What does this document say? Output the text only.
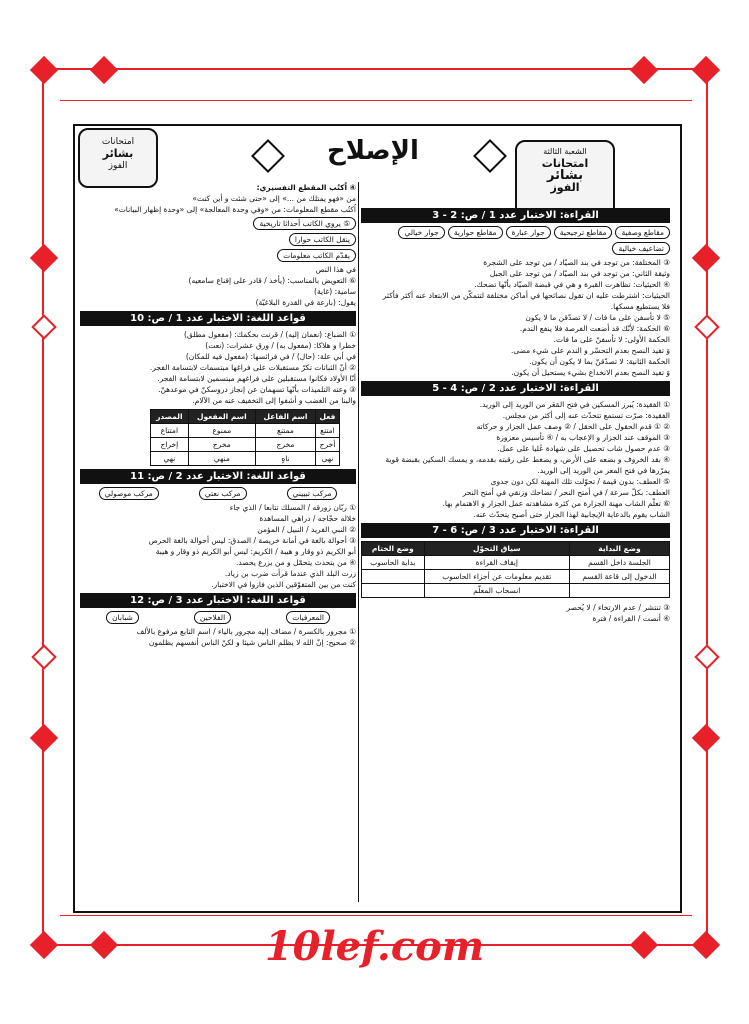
امتحانات
بشائر
الفوز	الإصلاح	الشعبة الثالثة
امتحانات
بشائر
الفوز
القراءة: الاختبار عدد 1 / ص: 2 - 3
مقاطع وصفية
مقاطع ترجيحية
جوار عبارة
مقاطع حوارية
جوار خيالي
تضاعيف خيالية
③ المختلفة: من توجد في بند الصيّاد / من توجد على الشجرة
وثيقة الثاني: من توجد في بند الصيّاد / من توجد على الجبل
④ الحيثيات: تظاهرت القبرة و هي في قبضة الصيّاد بأنّها تضحك.
الحيثيات: اشترطت عليه ان تقول نصائحها في أماكن مختلفة لتتمكّن من الابتعاد عنه أكثر فأكثر
فلا يستطيع مسكها.
⑤ لا تأسفن على ما فات / لا تصدّقن ما لا يكون
⑥ الحكمة: لأنّك قد أضعت الفرصة فلا ينفع الندم.
الحكمة الأولى: لا تأسفنّ على ما فات.
وَ تفيد النصح بعدم التحسّر و الندم على شيء مضى.
الحكمة الثانية: لا تصدّقنّ بما لا يكون أن يكون.
وَ تفيد النصح بعدم الانخداع بشيء يستحيل أن يكون.
القراءة: الاختبار عدد 2 / ص: 4 - 5
① الفقيدة: يُبرز المسكين في فتح المَعَر من الوريد إلى الوريد.
الفقيدة: صرّت تستمع تتحدّث عنه إلى أكثر من مجلس.
② ① قدم الحقول على الحقل / ② وصف عمل الجزار و حركاته
③ الموقف عند الجزار و الإعجاب به / ④ تأسيس معزوزة
③ عدم حصول شاب تحصيل على شهادة عُليا على عمل.
④ بقد الخروف و بضعه على الأرض، و يضغط على رقبته بقدمه، و يمسك السكين بقبضة قوية
يمرّرها في فتح المعر من الوريد إلى الوريد.
⑤ العطف: بدون قيمة / تحوّلت تلك المهنة لكن دون جدوى
العطف: بكلّ سرعة / في أمتح النحر / تضاحك وزنقي في أمتح النحر
⑥ تعلّم الشاب مهنة الجزارة من كثرة مشاهدته عمل الجزار و الاهتمام بها.
الشاب يقوم بالدعاية الإيجابية لهذا الجزار حتى أصبح يتحدّث عنه.
القراءة: الاختبار عدد 3 / ص: 6 - 7
وضع البداية	سياق التحوّل	وضع الختام
الجلسة داخل القسم	إيقاف القراءة	بداية الحاسوب
الدخول إلى قاعة القسم	تقديم معلومات عن أجزاء الحاسوب	
	انسحاب المعلّم	
③ تنتشر / عدم الارتخاء / لا يُحصر
④ أنصت / القراءة / فترة
④ اُكتُب المقطع التفسيري:
من «فهو يمتلك من ...» إلى «حتى شئت و أين كنت»
اُكتُب مقطع المعلومات: من «وفي وحدة المعالجة» إلى «وحدة إظهار البيانات»
⑤ يروي الكاتب أحداثا تاريخية
ينقل الكاتب حوارا
يقدّم الكاتب معلومات
في هذا النص
⑥ التعويض بالمناسب: (يأخذ / قادر على إقناع سامعيه)
سامية: (غاية)
يقول: (بارعة في القدرة البلاغيّة)
قواعد اللغة: الاختبار عدد 1 / ص: 10
① الضباع: (نعمان إليه) / قرنت بحكمك: (مفعول مطلق)
خطرا و هلاكا: (مفعول به) / ورق عشرات: (نعت)
في أبي علة: (حال) / في فرائسها: (مفعول فيه للمكان)
② أنّ الثباتات تكرّ مستقبلات على فراغها مبتسمات لابتسامة الفجر.
أنّا الأولاد فكانوا مستقبلين على فراغهم مبتسمين لابتسامة الفجر.
③ وعنه التلميذات بأنّها تسهمان عن إنجاز دروسكنّ في موعدهنّ.
والبنا من الغضب و أشفوا إلى التخفيف عنه من الآلام.
فعل	اسم الفاعل	اسم المفعول	المصدر
امتنع	ممتنع	ممنوع	امتناع
أخرج	مخرج	مخرج	إخراج
نهى	ناهٍ	منهي	نهي
قواعد اللغة: الاختبار عدد 2 / ص: 11
مركب تبييني
مركب نعتي
مركب موصولي
① ربّان زورقه / المسلك تتابعا / الذي جاء
خلاله حجّاجه / دراهي المساهدة
② النبي الفريد / النبيل / المؤمن
③ أحوالة بالغة في أمانة خريصة / الصدق: ليس أحوالة بالغة الحرص
أبو الكريم ذو وقار و هيبة / الكريم: ليس أبو الكريم ذو وقار و هيبة
④ من يتحدث يتحمّل و من يزرع يحصد.
زرت البلد الذي عندما قرأت ضرب بن زياد.
كنت من بين المتفوّقين الذين فازوا في الاختبار.
قواعد اللغة: الاختبار عدد 3 / ص: 12
المعرفيات
الفلاحين
شبابان
① مجرور بالكسرة / مضاف إليه مجرور بالياء / اسم التابع مرفوع بالألف
② صحيح: إنّ الله لا يظلم الناس شيئا و لكنّ الناس أنفسهم يظلمون
10lef.com
